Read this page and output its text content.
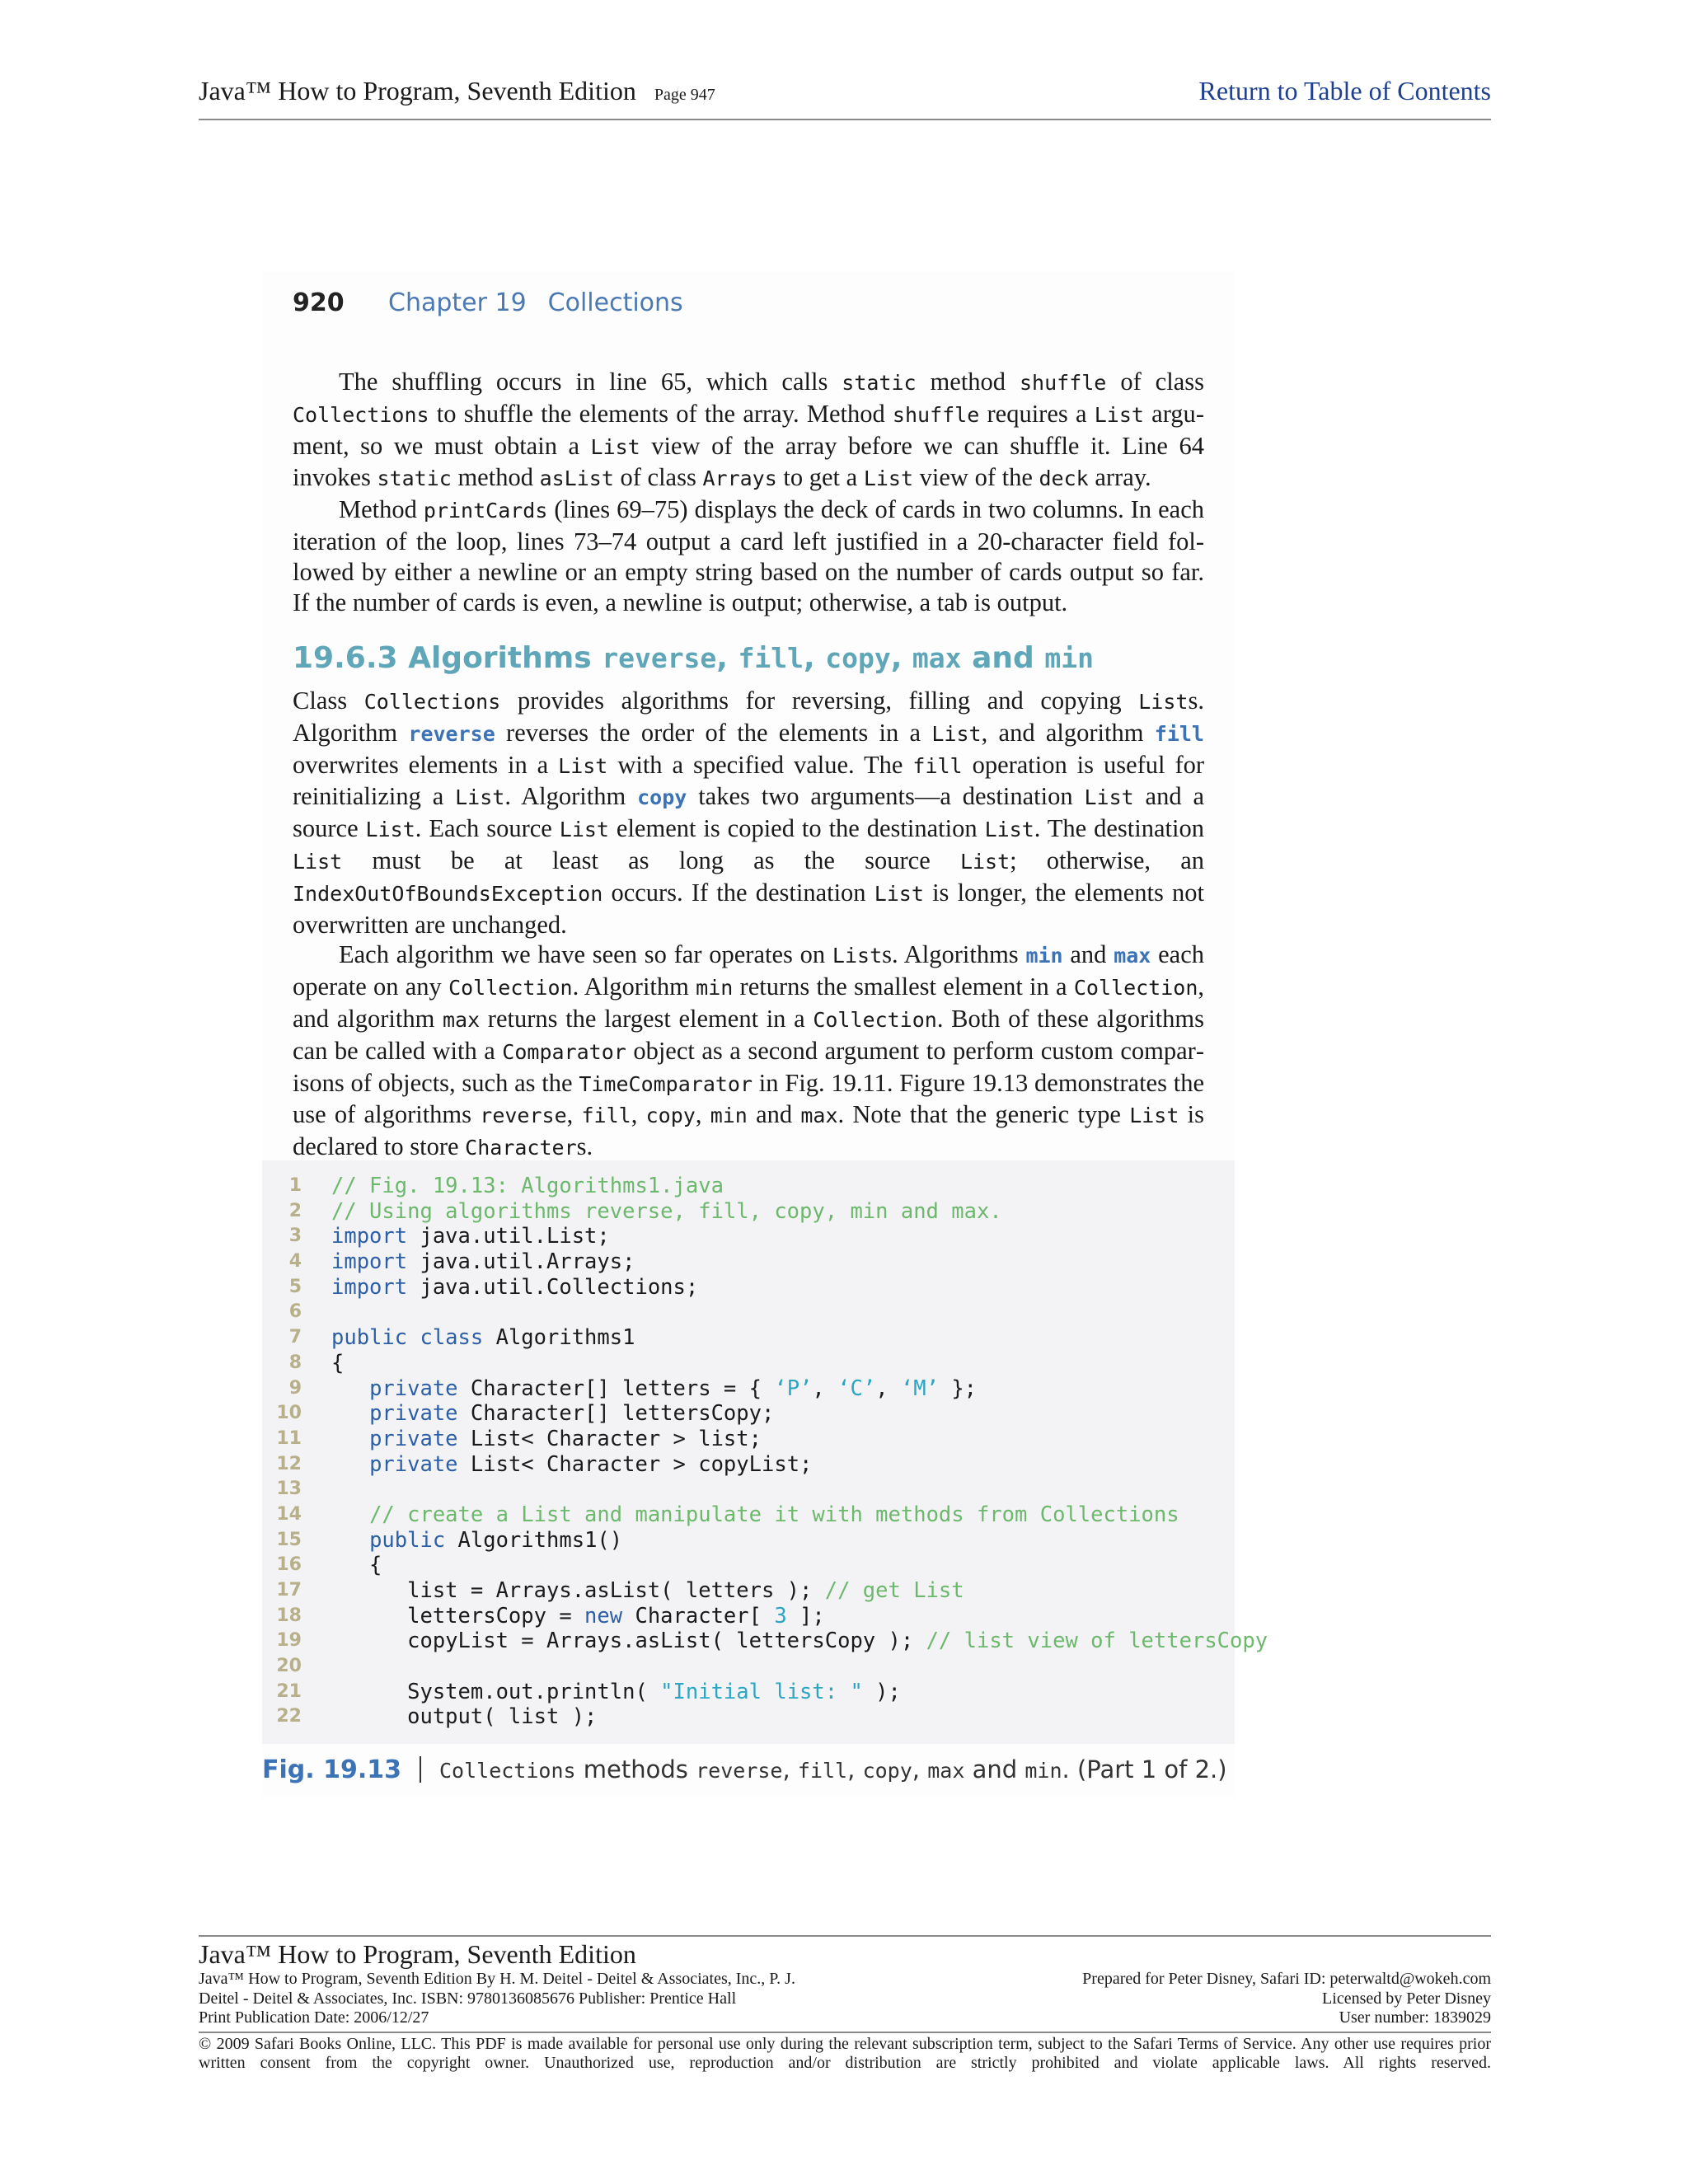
Java™ How to Program, Seventh Edition Page 947	Return to Table of Contents
920 Chapter 19 Collections

The shuffling occurs in line 65, which calls static method shuffle of class Collections to shuffle the elements of the array. Method shuffle requires a List argument, so we must obtain a List view of the array before we can shuffle it. Line 64 invokes static method asList of class Arrays to get a List view of the deck array.

Method printCards (lines 69–75) displays the deck of cards in two columns. In each iteration of the loop, lines 73–74 output a card left justified in a 20-character field followed by either a newline or an empty string based on the number of cards output so far. If the number of cards is even, a newline is output; otherwise, a tab is output.

19.6.3 Algorithms reverse, fill, copy, max and min

Class Collections provides algorithms for reversing, filling and copying Lists. Algorithm reverse reverses the order of the elements in a List, and algorithm fill overwrites elements in a List with a specified value. The fill operation is useful for reinitializing a List. Algorithm copy takes two arguments—a destination List and a source List. Each source List element is copied to the destination List. The destination List must be at least as long as the source List; otherwise, an IndexOutOfBoundsException occurs. If the destination List is longer, the elements not overwritten are unchanged.

Each algorithm we have seen so far operates on Lists. Algorithms min and max each operate on any Collection. Algorithm min returns the smallest element in a Collection, and algorithm max returns the largest element in a Collection. Both of these algorithms can be called with a Comparator object as a second argument to perform custom comparisons of objects, such as the TimeComparator in Fig. 19.11. Figure 19.13 demonstrates the use of algorithms reverse, fill, copy, min and max. Note that the generic type List is declared to store Characters.

1 // Fig. 19.13: Algorithms1.java
2 // Using algorithms reverse, fill, copy, min and max.
3 import java.util.List;
4 import java.util.Arrays;
5 import java.util.Collections;
6
7 public class Algorithms1
8 {
9	private Character[] letters = { ‘P’, ‘C’, ‘M’ };
10	private Character[] lettersCopy;
11	private List< Character > list;
12	private List< Character > copyList;
13
14	// create a List and manipulate it with methods from Collections
15	public Algorithms1()
16 {
17 list = Arrays.asList( letters ); // get List
18 lettersCopy = new Character[ 3 ];
19 copyList = Arrays.asList( lettersCopy ); // list view of lettersCopy
20
21 System.out.println( "Initial list: " );
22 output( list );
Fig. 19.13 Collections methods reverse, fill, copy, max and min. (Part 1 of 2.)
Java™ How to Program, Seventh Edition
Java™ How to Program, Seventh Edition By H. M. Deitel - Deitel & Associates, Inc., P. J.	Prepared for Peter Disney, Safari ID: peterwaltd@wokeh.com
Deitel - Deitel & Associates, Inc. ISBN: 9780136085676 Publisher: Prentice Hall	Licensed by Peter Disney
Print Publication Date: 2006/12/27	User number: 1839029
© 2009 Safari Books Online, LLC. This PDF is made available for personal use only during the relevant subscription term, subject to the Safari Terms of Service. Any other use requires prior written consent from the copyright owner. Unauthorized use, reproduction and/or distribution are strictly prohibited and violate applicable laws. All rights reserved.
